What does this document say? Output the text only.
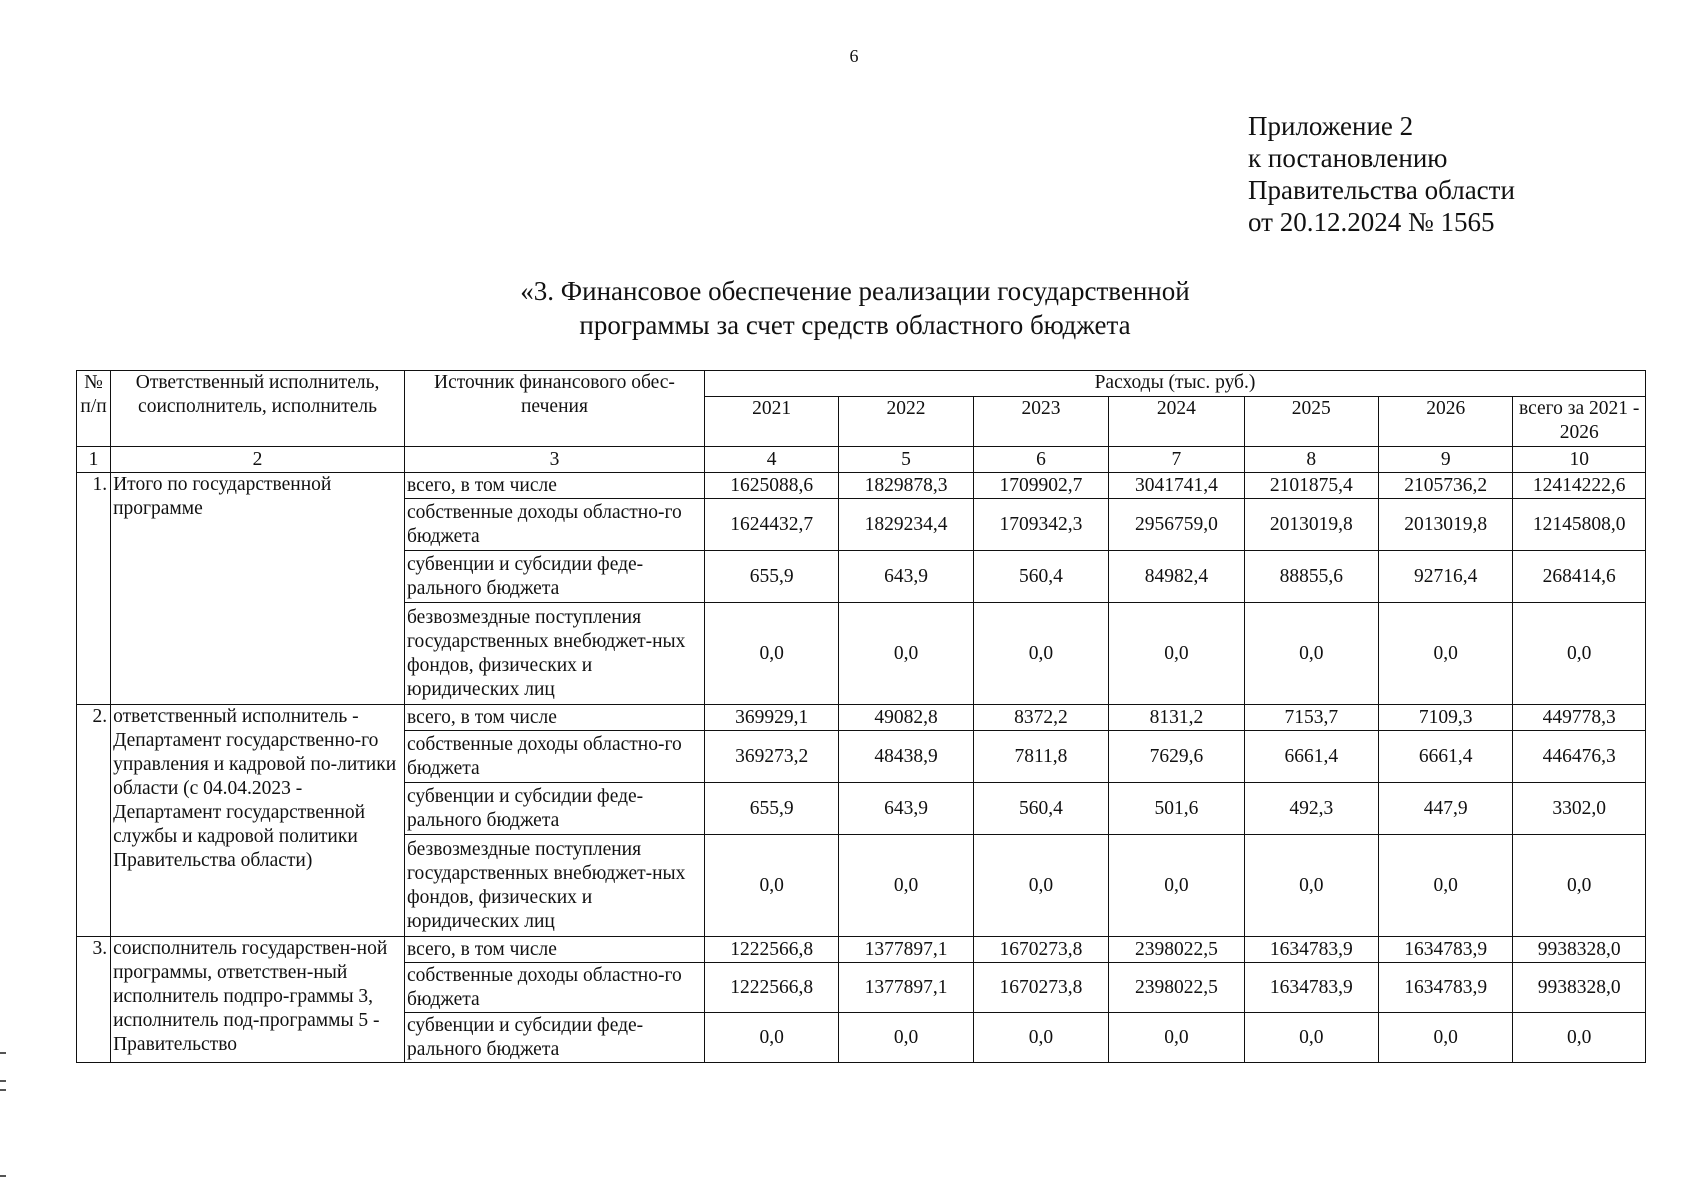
6
Приложение 2
к постановлению
Правительства области
от 20.12.2024 № 1565
«3. Финансовое обеспечение реализации государственной
программы за счет средств областного бюджета
№ п/п	Ответственный исполнитель, соисполнитель, исполнитель	Источник финансового обес-печения	Расходы (тыс. руб.)						
			2021	2022	2023	2024	2025	2026	всего за 2021 - 2026
1	2	3	4	5	6	7	8	9	10
1.	Итого по государственной программе	всего, в том числе	1625088,6	1829878,3	1709902,7	3041741,4	2101875,4	2105736,2	12414222,6
		собственные доходы областно-го бюджета	1624432,7	1829234,4	1709342,3	2956759,0	2013019,8	2013019,8	12145808,0
		субвенции и субсидии феде-рального бюджета	655,9	643,9	560,4	84982,4	88855,6	92716,4	268414,6
		безвозмездные поступления государственных внебюджет-ных фондов, физических и юридических лиц	0,0	0,0	0,0	0,0	0,0	0,0	0,0
2.	ответственный исполнитель - Департамент государственно-го управления и кадровой по-литики области (с 04.04.2023 - Департамент государственной службы и кадровой политики Правительства области)	всего, в том числе	369929,1	49082,8	8372,2	8131,2	7153,7	7109,3	449778,3
		собственные доходы областно-го бюджета	369273,2	48438,9	7811,8	7629,6	6661,4	6661,4	446476,3
		субвенции и субсидии феде-рального бюджета	655,9	643,9	560,4	501,6	492,3	447,9	3302,0
		безвозмездные поступления государственных внебюджет-ных фондов, физических и юридических лиц	0,0	0,0	0,0	0,0	0,0	0,0	0,0
3.	соисполнитель государствен-ной программы, ответствен-ный исполнитель подпро-граммы 3, исполнитель под-программы 5 - Правительство	всего, в том числе	1222566,8	1377897,1	1670273,8	2398022,5	1634783,9	1634783,9	9938328,0
		собственные доходы областно-го бюджета	1222566,8	1377897,1	1670273,8	2398022,5	1634783,9	1634783,9	9938328,0
		субвенции и субсидии феде-рального бюджета	0,0	0,0	0,0	0,0	0,0	0,0	0,0
